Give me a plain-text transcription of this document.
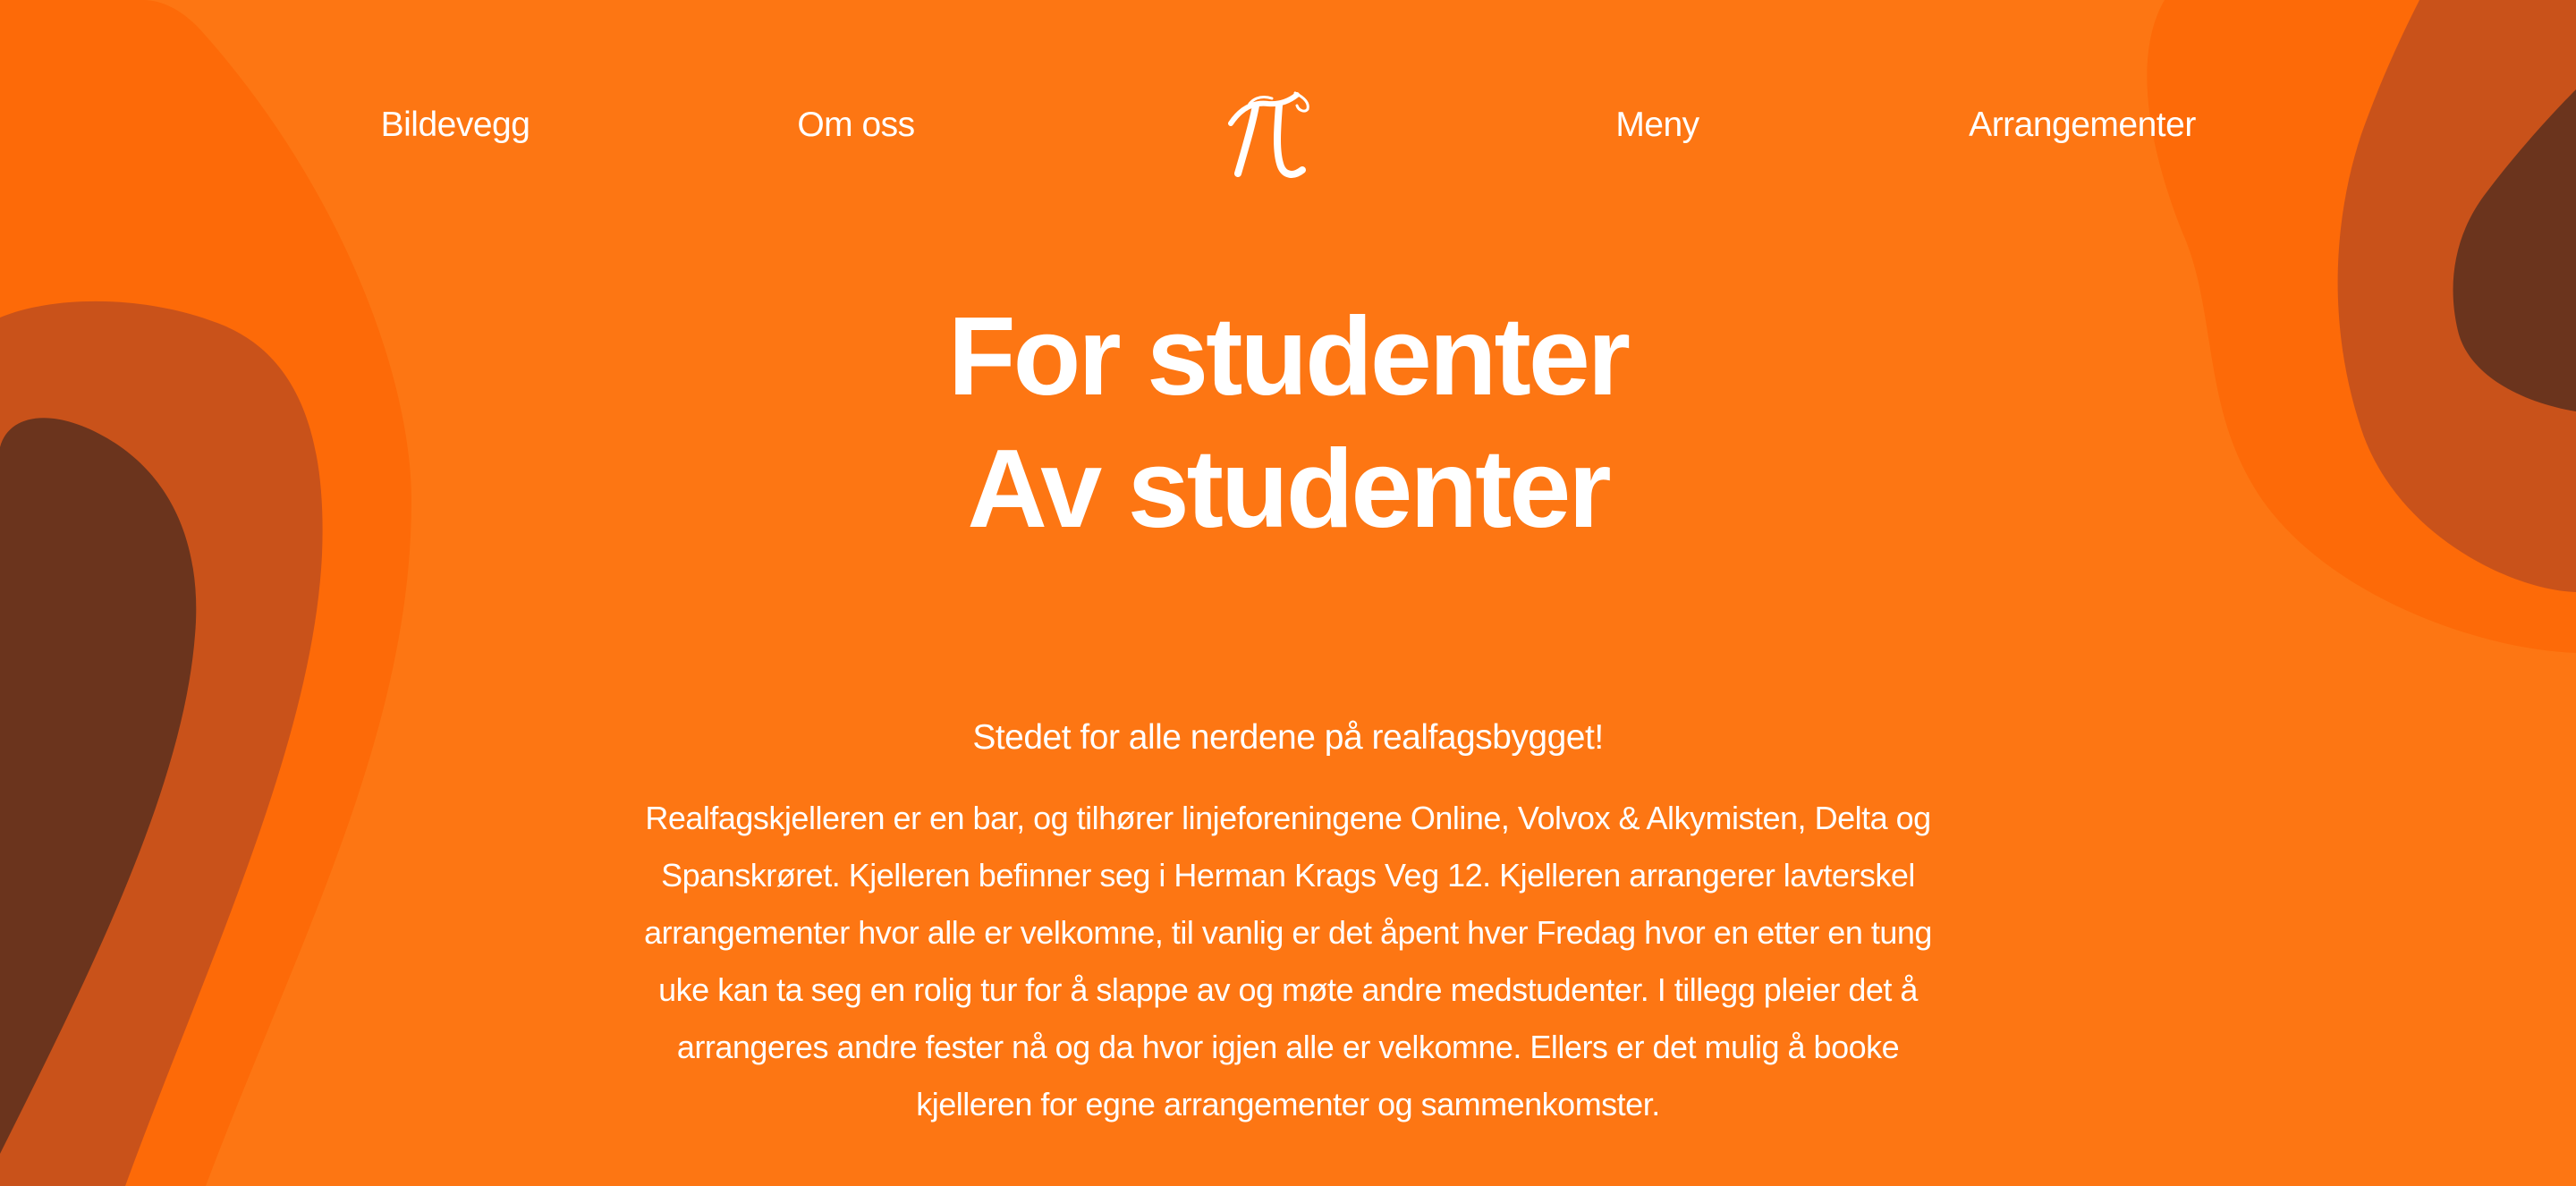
Bildevegg	Om oss	Meny	Arrangementer
For studenter
Av studenter

Stedet for alle nerdene på realfagsbygget!

Realfagskjelleren er en bar, og tilhører linjeforeningene Online, Volvox & Alkymisten, Delta og Spanskrøret. Kjelleren befinner seg i Herman Krags Veg 12. Kjelleren arrangerer lavterskel arrangementer hvor alle er velkomne, til vanlig er det åpent hver Fredag hvor en etter en tung uke kan ta seg en rolig tur for å slappe av og møte andre medstudenter. I tillegg pleier det å arrangeres andre fester nå og da hvor igjen alle er velkomne. Ellers er det mulig å booke kjelleren for egne arrangementer og sammenkomster.
